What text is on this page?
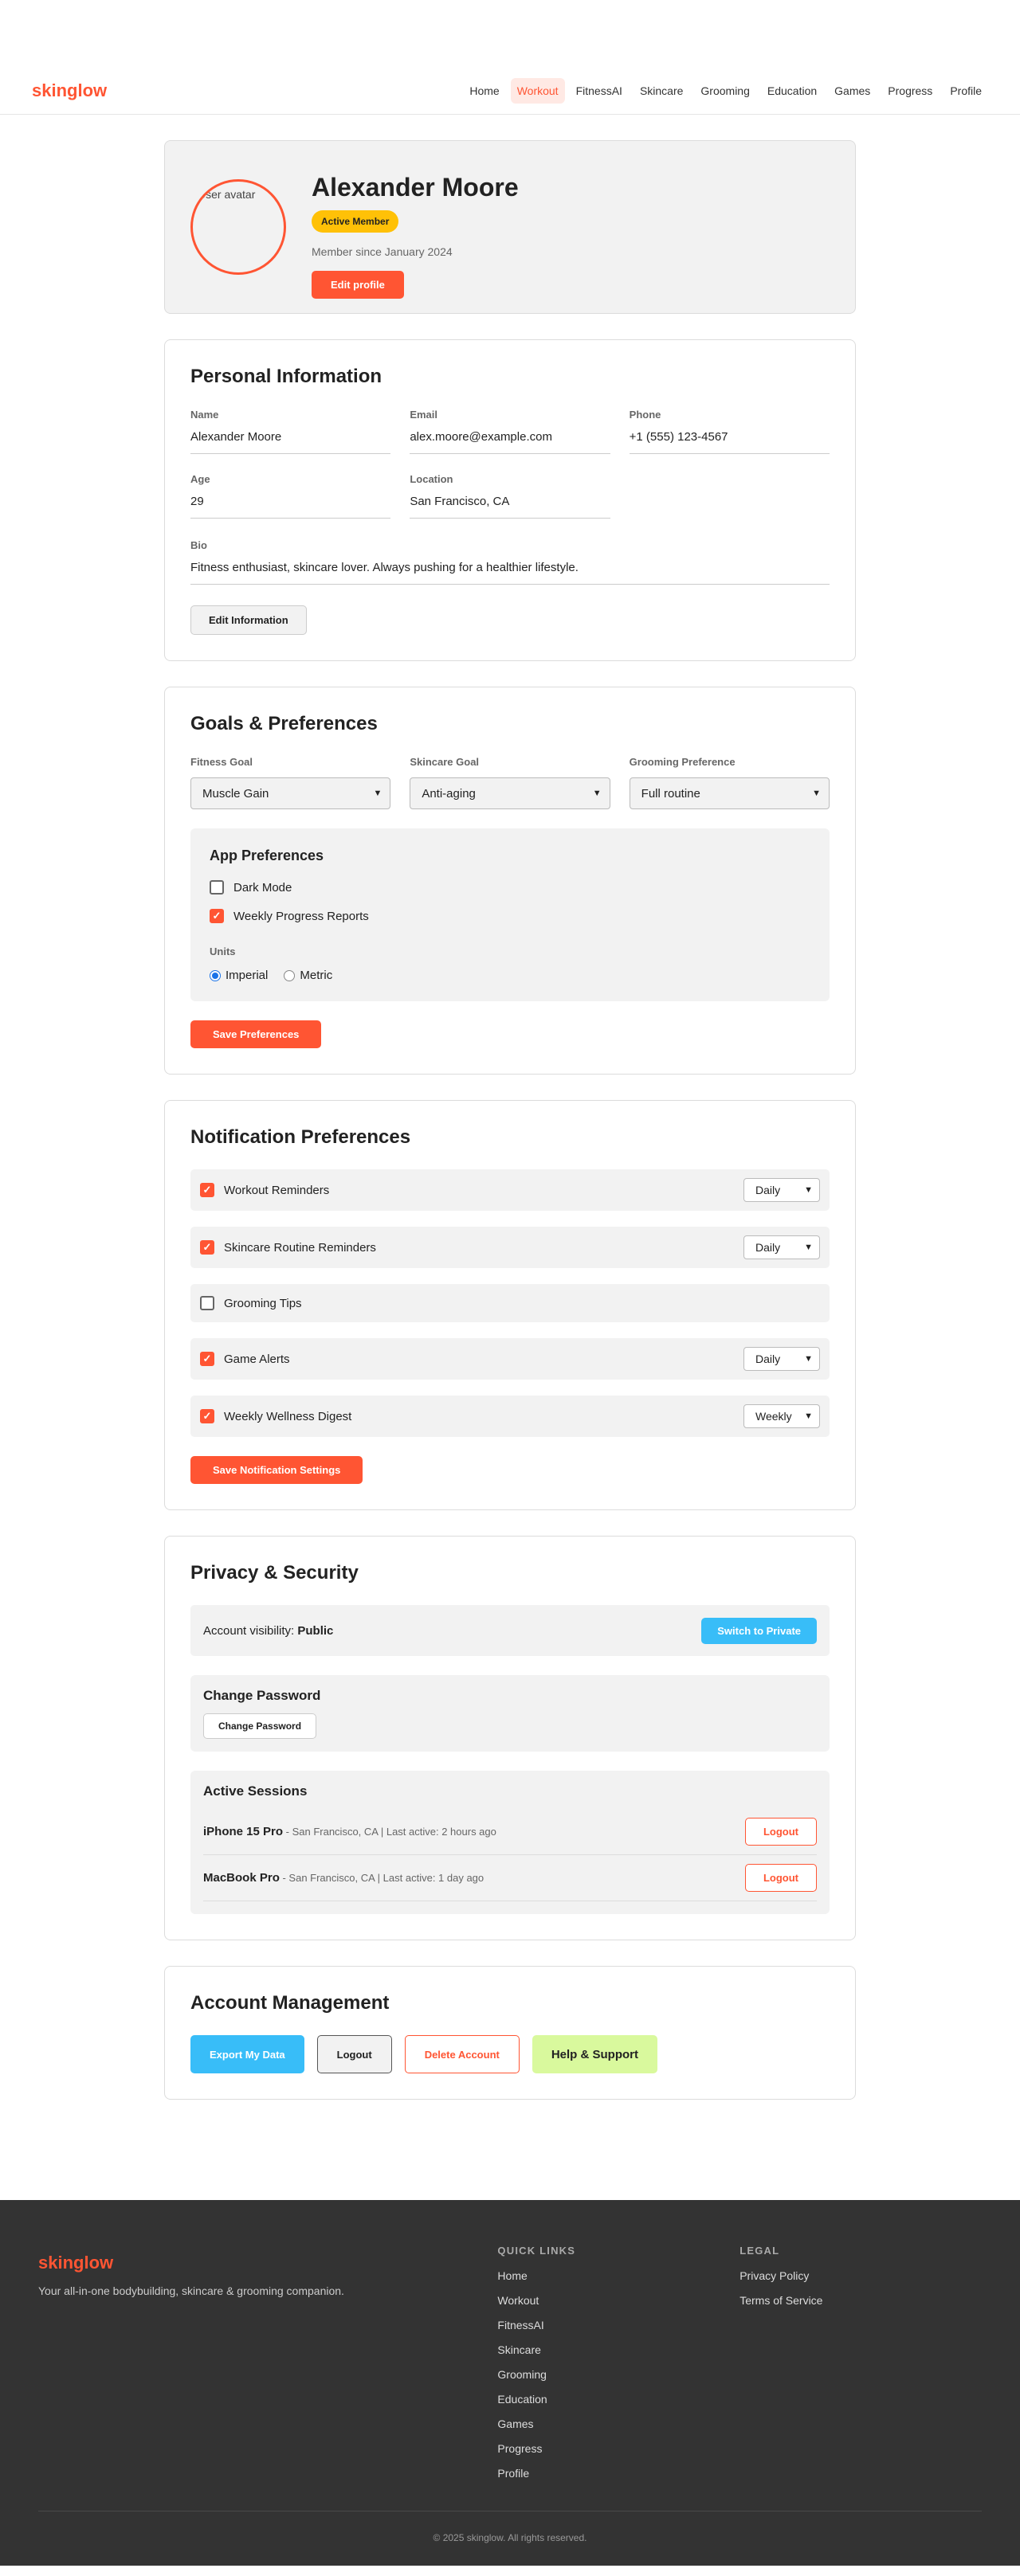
skinglow	Home	Workout	FitnessAI	Skincare	Grooming	Education	Games	Progress	Profile
User avatar Alexander Moore
Active Member
Member since January 2024
Edit profile
Personal Information
Name
Alexander Moore
Email
alex.moore@example.com
Phone
+1 (555) 123-4567
Age
29
Location
San Francisco, CA
Bio
Fitness enthusiast, skincare lover. Always pushing for a healthier lifestyle.
Edit Information
Goals & Preferences
Fitness Goal
Muscle Gain	▼
Skincare Goal
Anti-aging	▼
Grooming Preference
Full routine	▼
App Preferences
Dark Mode
✓ Weekly Progress Reports
Units
Imperial	Metric
Save Preferences
Notification Preferences
✓ Workout Reminders	Daily	▼
✓ Skincare Routine Reminders	Daily	▼
Grooming Tips
✓ Game Alerts	Daily	▼
✓ Weekly Wellness Digest	Weekly ▼
Save Notification Settings
Privacy & Security
Account visibility: Public	Switch to Private
Change Password
Change Password
Active Sessions
iPhone 15 Pro - San Francisco, CA | Last active: 2 hours ago	Logout
MacBook Pro - San Francisco, CA | Last active: 1 day ago	Logout
Account Management
Export My Data	Logout	Delete Account	Help & Support
skinglow

Your all-in-one bodybuilding, skincare & grooming companion.

QUICK LINKS
Home
Workout
FitnessAI
Skincare
Grooming
Education
Games
Progress
Profile
LEGAL
Privacy Policy
Terms of Service
© 2025 skinglow. All rights reserved.
